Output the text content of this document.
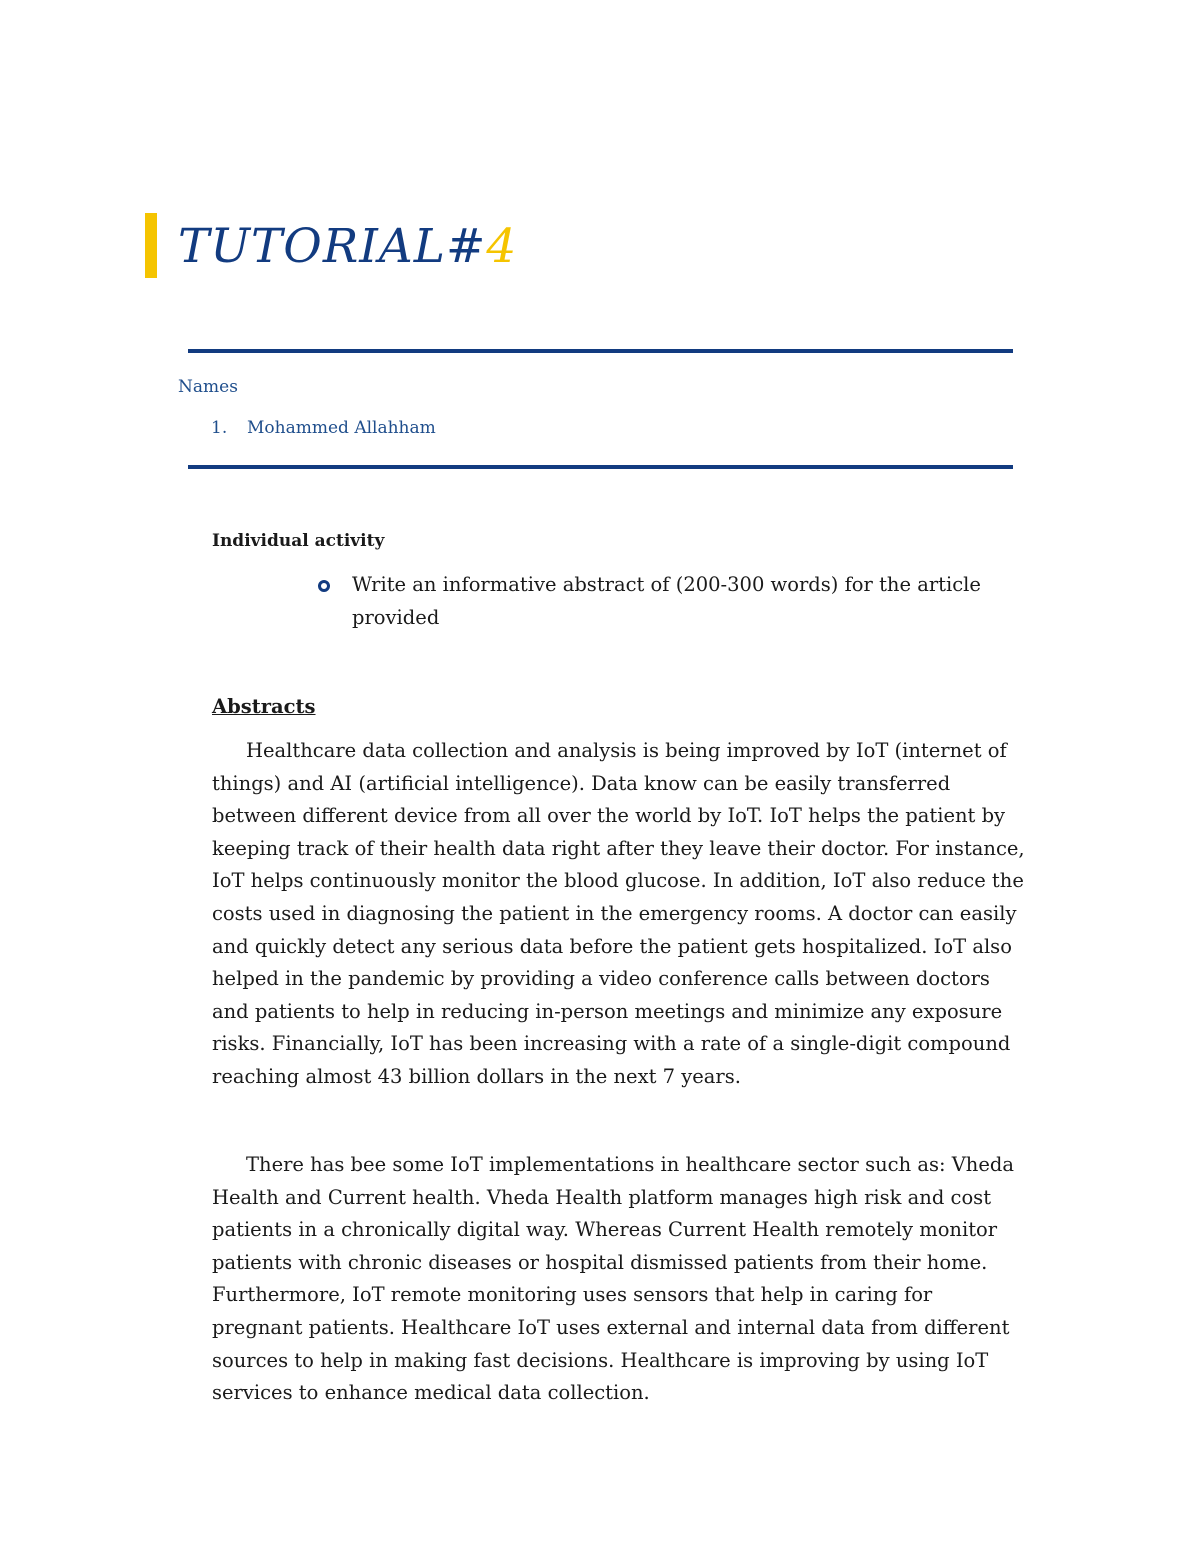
TUTORIAL#4
Names
1. Mohammed Allahham
Individual activity
Write an informative abstract of (200-300 words) for the article provided
Abstracts

Healthcare data collection and analysis is being improved by IoT (internet of things) and AI (artificial intelligence). Data know can be easily transferred between different device from all over the world by IoT. IoT helps the patient by keeping track of their health data right after they leave their doctor. For instance, IoT helps continuously monitor the blood glucose. In addition, IoT also reduce the costs used in diagnosing the patient in the emergency rooms. A doctor can easily and quickly detect any serious data before the patient gets hospitalized. IoT also helped in the pandemic by providing a video conference calls between doctors and patients to help in reducing in-person meetings and minimize any exposure risks. Financially, IoT has been increasing with a rate of a single-digit compound reaching almost 43 billion dollars in the next 7 years.

There has bee some IoT implementations in healthcare sector such as: Vheda Health and Current health. Vheda Health platform manages high risk and cost patients in a chronically digital way. Whereas Current Health remotely monitor patients with chronic diseases or hospital dismissed patients from their home. Furthermore, IoT remote monitoring uses sensors that help in caring for pregnant patients. Healthcare IoT uses external and internal data from different sources to help in making fast decisions. Healthcare is improving by using IoT services to enhance medical data collection.
